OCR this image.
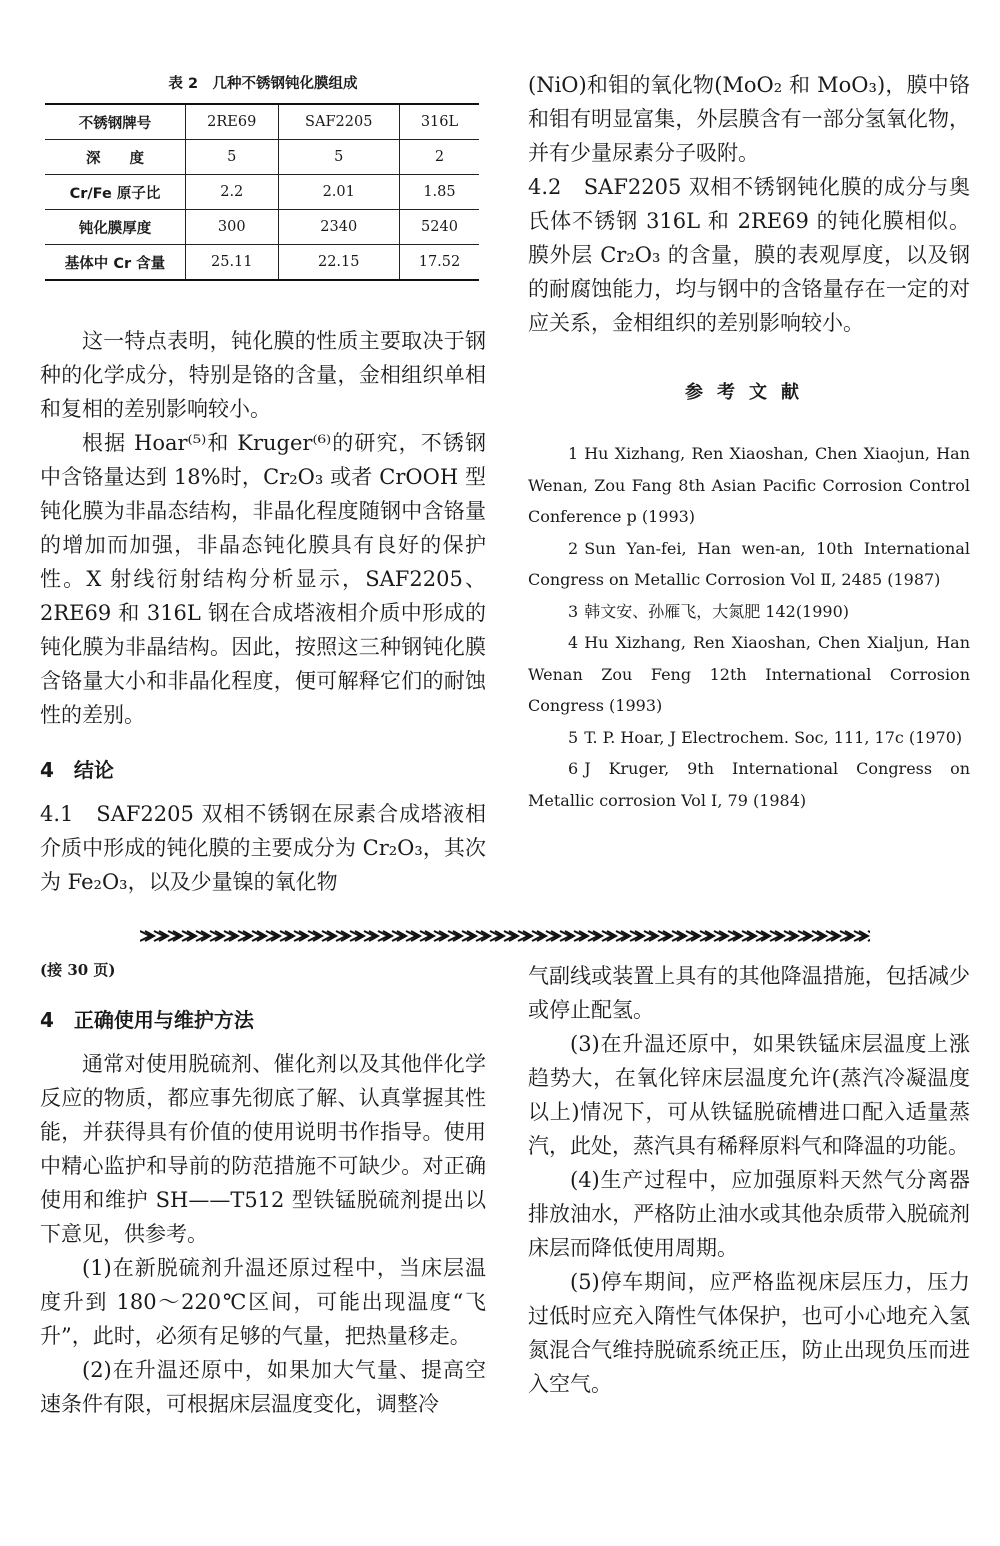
表 2　几种不锈钢钝化膜组成
不锈钢牌号	2RE69	SAF2205	316L
深　　度	5	5	2
Cr/Fe 原子比	2.2	2.01	1.85
钝化膜厚度	300	2340	5240
基体中 Cr 含量	25.11	22.15	17.52

这一特点表明，钝化膜的性质主要取决于钢种的化学成分，特别是铬的含量，金相组织单相和复相的差别影响较小。

根据 Hoar⁽⁵⁾和 Kruger⁽⁶⁾的研究，不锈钢中含铬量达到 18%时，Cr₂O₃ 或者 CrOOH 型钝化膜为非晶态结构，非晶化程度随钢中含铬量的增加而加强，非晶态钝化膜具有良好的保护性。X 射线衍射结构分析显示，SAF2205、2RE69 和 316L 钢在合成塔液相介质中形成的钝化膜为非晶结构。因此，按照这三种钢钝化膜含铬量大小和非晶化程度，便可解释它们的耐蚀性的差别。

4　结论

4.1　SAF2205 双相不锈钢在尿素合成塔液相介质中形成的钝化膜的主要成分为 Cr₂O₃，其次为 Fe₂O₃，以及少量镍的氧化物

(NiO)和钼的氧化物(MoO₂ 和 MoO₃)，膜中铬和钼有明显富集，外层膜含有一部分氢氧化物，并有少量尿素分子吸附。

4.2　SAF2205 双相不锈钢钝化膜的成分与奥氏体不锈钢 316L 和 2RE69 的钝化膜相似。膜外层 Cr₂O₃ 的含量，膜的表观厚度，以及钢的耐腐蚀能力，均与钢中的含铬量存在一定的对应关系，金相组织的差别影响较小。

参考文献

1 Hu Xizhang, Ren Xiaoshan, Chen Xiaojun, Han Wenan, Zou Fang 8th Asian Pacific Corrosion Control Conference p (1993)

2 Sun Yan-fei, Han wen-an, 10th International Congress on Metallic Corrosion Vol Ⅱ, 2485 (1987)

3 韩文安、孙雁飞，大氮肥 142(1990)

4 Hu Xizhang, Ren Xiaoshan, Chen Xialjun, Han Wenan Zou Feng 12th International Corrosion Congress (1993)

5 T. P. Hoar, J Electrochem. Soc, 111, 17c (1970)

6 J Kruger, 9th International Congress on Metallic corrosion Vol I, 79 (1984)

(接 30 页)
4　正确使用与维护方法

通常对使用脱硫剂、催化剂以及其他伴化学反应的物质，都应事先彻底了解、认真掌握其性能，并获得具有价值的使用说明书作指导。使用中精心监护和导前的防范措施不可缺少。对正确使用和维护 SH——T512 型铁锰脱硫剂提出以下意见，供参考。

(1)在新脱硫剂升温还原过程中，当床层温度升到 180～220℃区间，可能出现温度“飞升”，此时，必须有足够的气量，把热量移走。

(2)在升温还原中，如果加大气量、提高空速条件有限，可根据床层温度变化，调整冷

气副线或装置上具有的其他降温措施，包括减少或停止配氢。

(3)在升温还原中，如果铁锰床层温度上涨趋势大，在氧化锌床层温度允许(蒸汽冷凝温度以上)情况下，可从铁锰脱硫槽进口配入适量蒸汽，此处，蒸汽具有稀释原料气和降温的功能。

(4)生产过程中，应加强原料天然气分离器排放油水，严格防止油水或其他杂质带入脱硫剂床层而降低使用周期。

(5)停车期间，应严格监视床层压力，压力过低时应充入隋性气体保护，也可小心地充入氢氮混合气维持脱硫系统正压，防止出现负压而进入空气。
